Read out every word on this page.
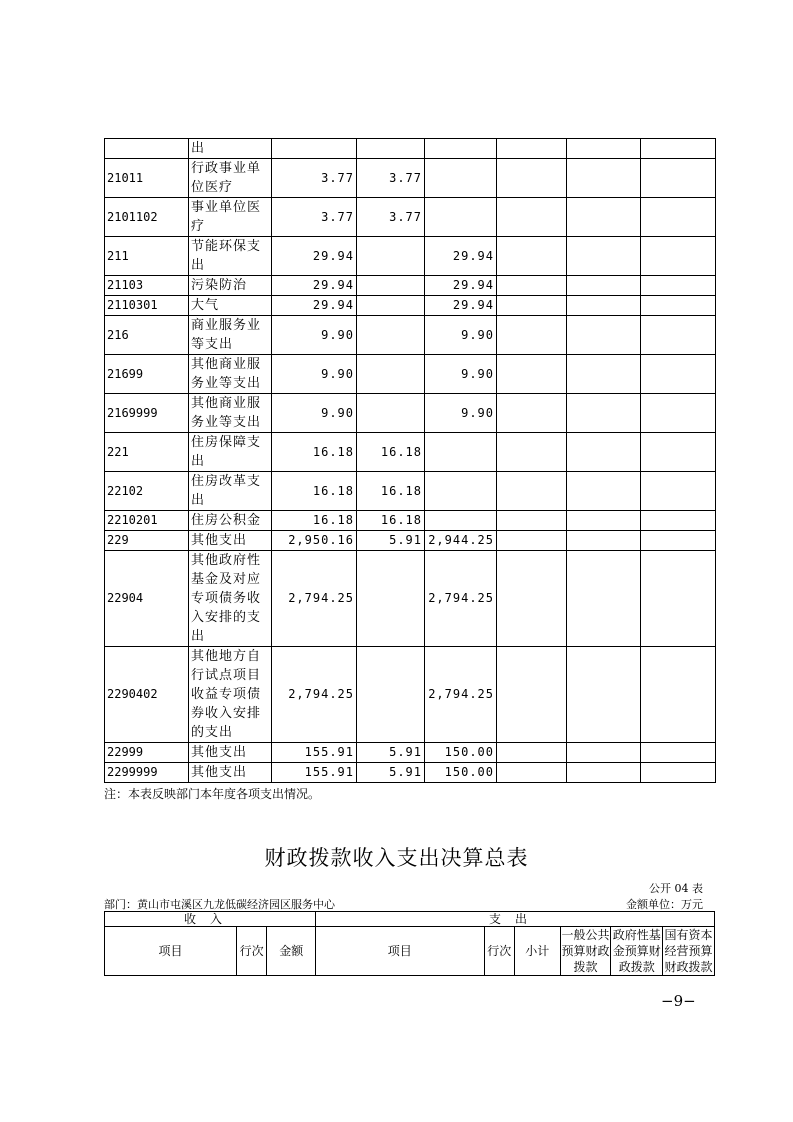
	出						
21011	行政事业单位医疗	3.77	3.77				
2101102	事业单位医疗	3.77	3.77				
211	节能环保支出	29.94		29.94			
21103	污染防治	29.94		29.94			
2110301	大气	29.94		29.94			
216	商业服务业等支出	9.90		9.90			
21699	其他商业服务业等支出	9.90		9.90			
2169999	其他商业服务业等支出	9.90		9.90			
221	住房保障支出	16.18	16.18				
22102	住房改革支出	16.18	16.18				
2210201	住房公积金	16.18	16.18				
229	其他支出	2,950.16	5.91	2,944.25			
22904	其他政府性基金及对应专项债务收入安排的支出	2,794.25		2,794.25			
2290402	其他地方自行试点项目收益专项债券收入安排的支出	2,794.25		2,794.25			
22999	其他支出	155.91	5.91	150.00			
2299999	其他支出	155.91	5.91	150.00			
注：本表反映部门本年度各项支出情况。
财政拨款收入支出决算总表
公开 04 表
部门：黄山市屯溪区九龙低碳经济园区服务中心	金额单位：万元
收入			支出					
项目	行次	金额	项目	行次	小计	一般公共预算财政拨款	政府性基金预算财政拨款	国有资本经营预算财政拨款
−9−
